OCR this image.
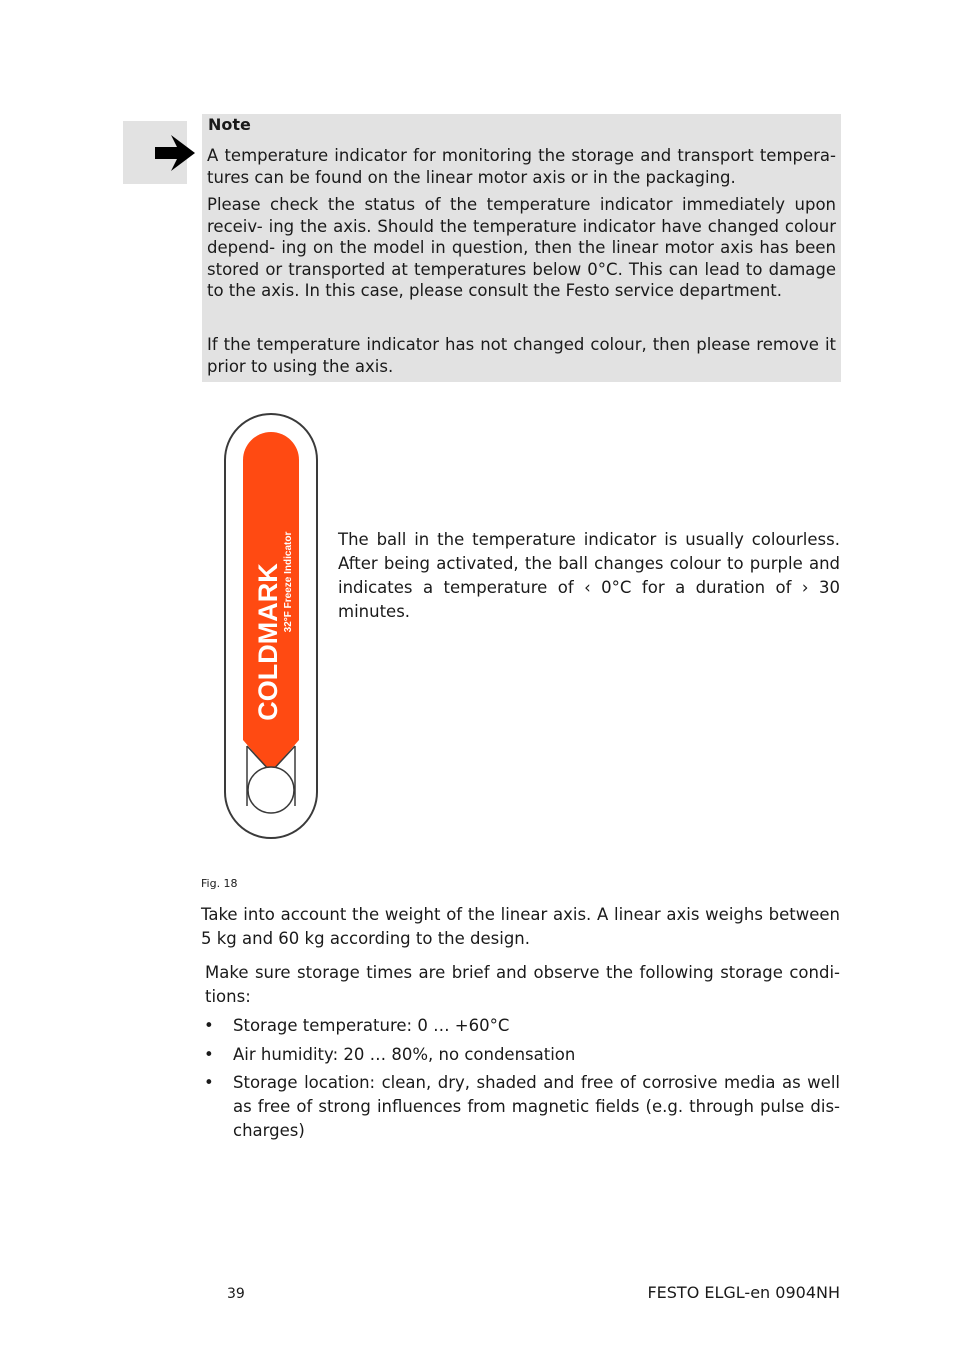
Note
A temperature indicator for monitoring the storage and transport tempera- tures can be found on the linear motor axis or in the packaging.
Please check the status of the temperature indicator immediately upon receiv- ing the axis. Should the temperature indicator have changed colour depend- ing on the model in question, then the linear motor axis has been stored or transported at temperatures below 0°C. This can lead to damage to the axis. In this case, please consult the Festo service department.
If the temperature indicator has not changed colour, then please remove it prior to using the axis.
COLDMARK 32°F Freeze Indicator	The ball in the temperature indicator is usually colourless. After being activated, the ball changes colour to purple and indicates a temperature of ‹ 0°C for a duration of › 30 minutes.
Fig. 18
Take into account the weight of the linear axis. A linear axis weighs between 5 kg and 60 kg according to the design.
Make sure storage times are brief and observe the following storage condi- tions:
• Storage temperature: 0 … +60°C
• Air humidity: 20 … 80%, no condensation
• Storage location: clean, dry, shaded and free of corrosive media as well as free of strong influences from magnetic fields (e.g. through pulse dis- charges)
39	FESTO ELGL-en 0904NH
